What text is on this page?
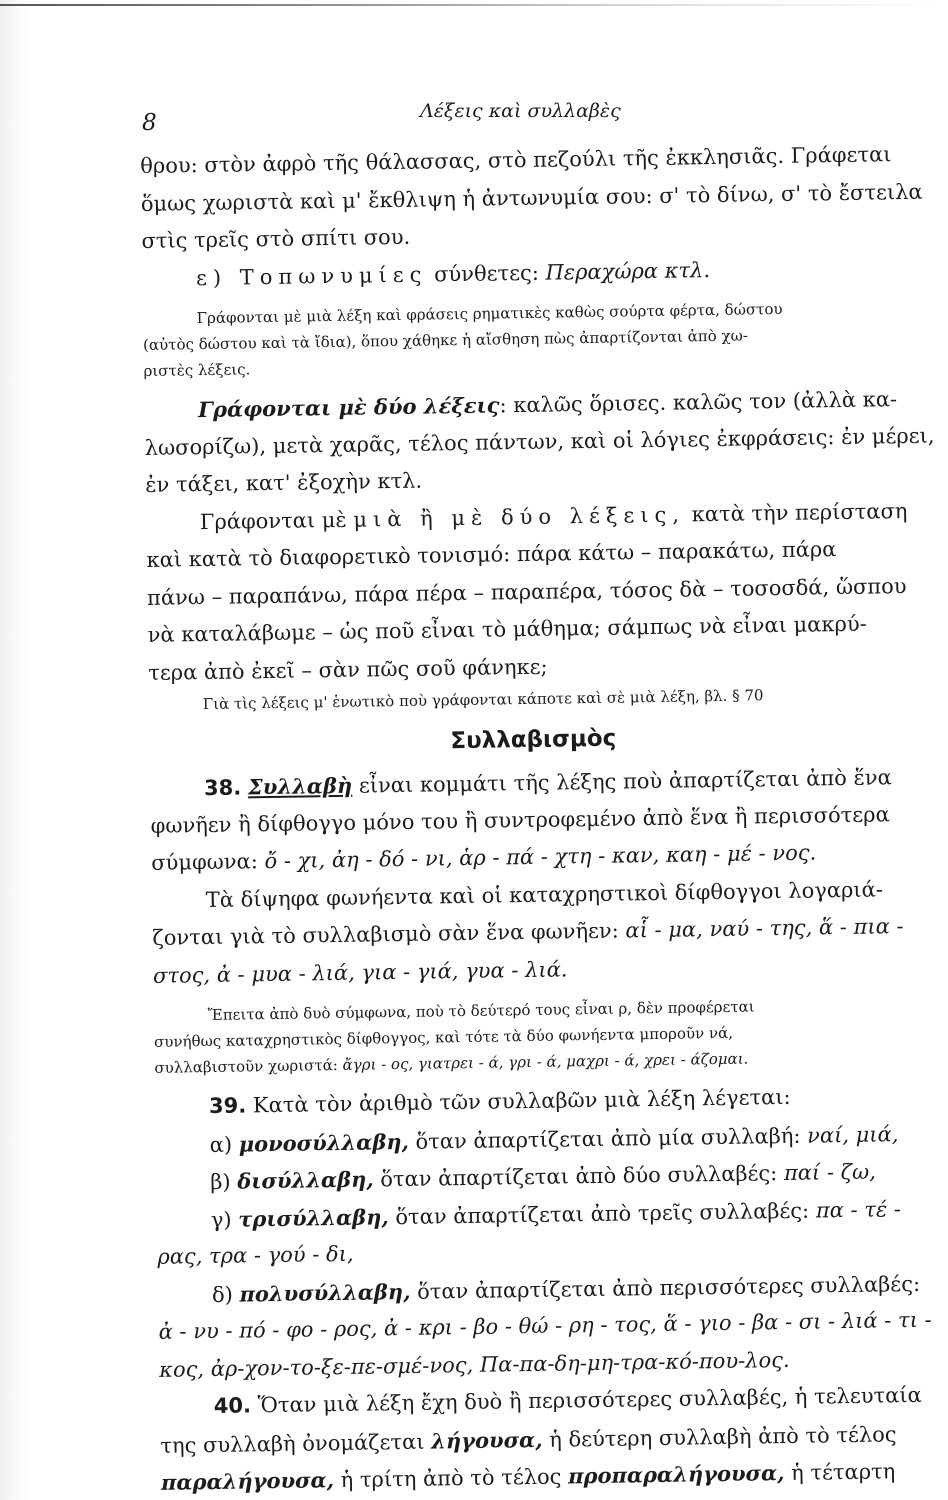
8	Λέξεις καὶ συλλαβὲς
θρου: στὸν ἀφρὸ τῆς θάλασσας, στὸ πεζούλι τῆς ἐκκλησιᾶς. Γράφεται
ὅμως χωριστὰ καὶ μ' ἔκθλιψη ἡ ἀντωνυμία σου: σ' τὸ δίνω, σ' τὸ ἔστειλα
στὶς τρεῖς στὸ σπίτι σου.
ε) Τοπωνυμίες σύνθετες: Περαχώρα κτλ.
Γράφονται μὲ μιὰ λέξη καὶ φράσεις ρηματικὲς καθὼς σούρτα φέρτα, δώστου
(αὐτὸς δώστου καὶ τὰ ἴδια), ὅπου χάθηκε ἡ αἴσθηση πὼς ἀπαρτίζονται ἀπὸ χω-
ριστὲς λέξεις.
Γράφονται μὲ δύο λέξεις: καλῶς ὅρισες. καλῶς τον (ἀλλὰ κα-
λωσορίζω), μετὰ χαρᾶς, τέλος πάντων, καὶ οἱ λόγιες ἐκφράσεις: ἐν μέρει,
ἐν τάξει, κατ' ἐξοχὴν κτλ.
Γράφονται μὲ μιὰ ἢ μὲ δύο λέξεις, κατὰ τὴν περίσταση
καὶ κατὰ τὸ διαφορετικὸ τονισμό: πάρα κάτω – παρακάτω, πάρα
πάνω – παραπάνω, πάρα πέρα – παραπέρα, τόσος δὰ – τοσοσδά, ὥσπου
νὰ καταλάβωμε – ὡς ποῦ εἶναι τὸ μάθημα; σάμπως νὰ εἶναι μακρύ-
τερα ἀπὸ ἐκεῖ – σὰν πῶς σοῦ φάνηκε;
Γιὰ τὶς λέξεις μ' ἑνωτικὸ ποὺ γράφονται κάποτε καὶ σὲ μιὰ λέξη, βλ. § 70
Συλλαβισμὸς
38. Συλλαβὴ εἶναι κομμάτι τῆς λέξης ποὺ ἀπαρτίζεται ἀπὸ ἕνα
φωνῆεν ἢ δίφθογγο μόνο του ἢ συντροφεμένο ἀπὸ ἕνα ἢ περισσότερα
σύμφωνα: ὄ - χι, ἀη - δό - νι, ἁρ - πά - χτη - καν, καη - μέ - νος.
Τὰ δίψηφα φωνήεντα καὶ οἱ καταχρηστικοὶ δίφθογγοι λογαριά-
ζονται γιὰ τὸ συλλαβισμὸ σὰν ἕνα φωνῆεν: αἷ - μα, ναύ - της, ἅ - πια -
στος, ἀ - μυα - λιά, για - γιά, γυα - λιά.
Ἔπειτα ἀπὸ δυὸ σύμφωνα, ποὺ τὸ δεύτερό τους εἶναι ρ, δὲν προφέρεται
συνήθως καταχρηστικὸς δίφθογγος, καὶ τότε τὰ δύο φωνήεντα μποροῦν νά,
συλλαβιστοῦν χωριστά: ἄγρι - ος, γιατρει - ά, γρι - ά, μαχρι - ά, χρει - άζομαι.
39. Κατὰ τὸν ἀριθμὸ τῶν συλλαβῶν μιὰ λέξη λέγεται:
α) μονοσύλλαβη, ὅταν ἀπαρτίζεται ἀπὸ μία συλλαβή: ναί, μιά,
β) δισύλλαβη, ὅταν ἀπαρτίζεται ἀπὸ δύο συλλαβές: παί - ζω,
γ) τρισύλλαβη, ὅταν ἀπαρτίζεται ἀπὸ τρεῖς συλλαβές: πα - τέ -
ρας, τρα - γού - δι,
δ) πολυσύλλαβη, ὅταν ἀπαρτίζεται ἀπὸ περισσότερες συλλαβές:
ἀ - νυ - πό - φο - ρος, ἀ - κρι - βο - θώ - ρη - τος, ἅ - γιο - βα - σι - λιά - τι -
κος, ἀρ-χον-το-ξε-πε-σμέ-νος, Πα-πα-δη-μη-τρα-κό-που-λος.
40. Ὅταν μιὰ λέξη ἔχη δυὸ ἢ περισσότερες συλλαβές, ἡ τελευταία
της συλλαβὴ ὀνομάζεται λήγουσα, ἡ δεύτερη συλλαβὴ ἀπὸ τὸ τέλος
παραλήγουσα, ἡ τρίτη ἀπὸ τὸ τέλος προπαραλήγουσα, ἡ τέταρτη
